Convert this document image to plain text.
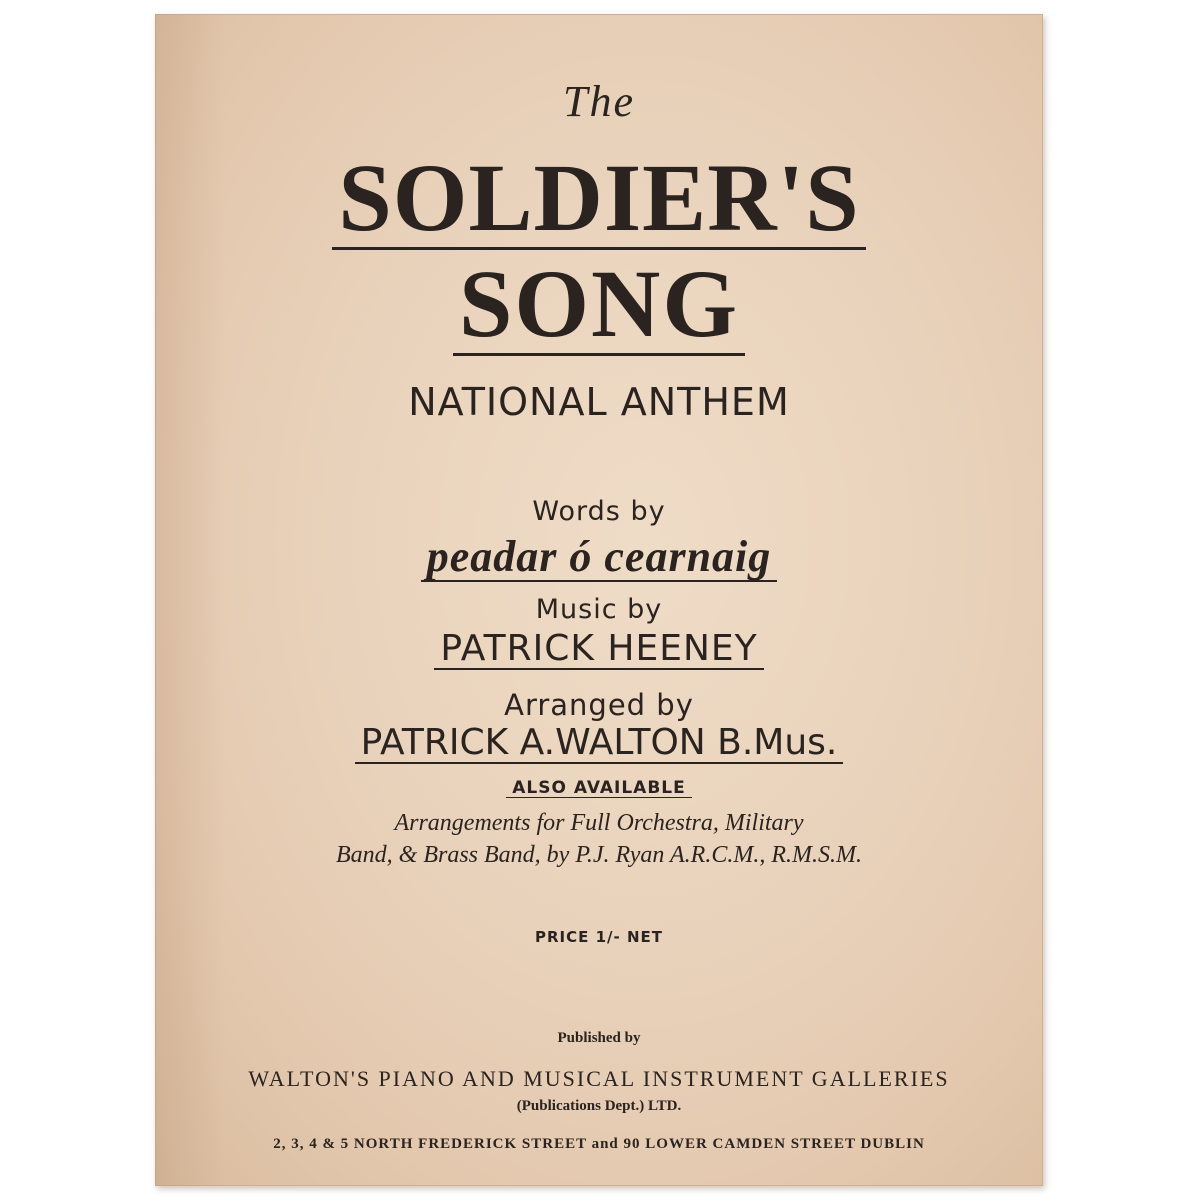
The
SOLDIER'S
SONG
NATIONAL ANTHEM
Words by
peadar ó cearnaig
Music by
PATRICK HEENEY
Arranged by
PATRICK A.WALTON B.Mus.
ALSO AVAILABLE
Arrangements for Full Orchestra, Military
Band, & Brass Band, by P.J. Ryan A.R.C.M., R.M.S.M.
PRICE 1/- NET
Published by
WALTON'S PIANO AND MUSICAL INSTRUMENT GALLERIES
(Publications Dept.) LTD.
2, 3, 4 & 5 NORTH FREDERICK STREET and 90 LOWER CAMDEN STREET DUBLIN
